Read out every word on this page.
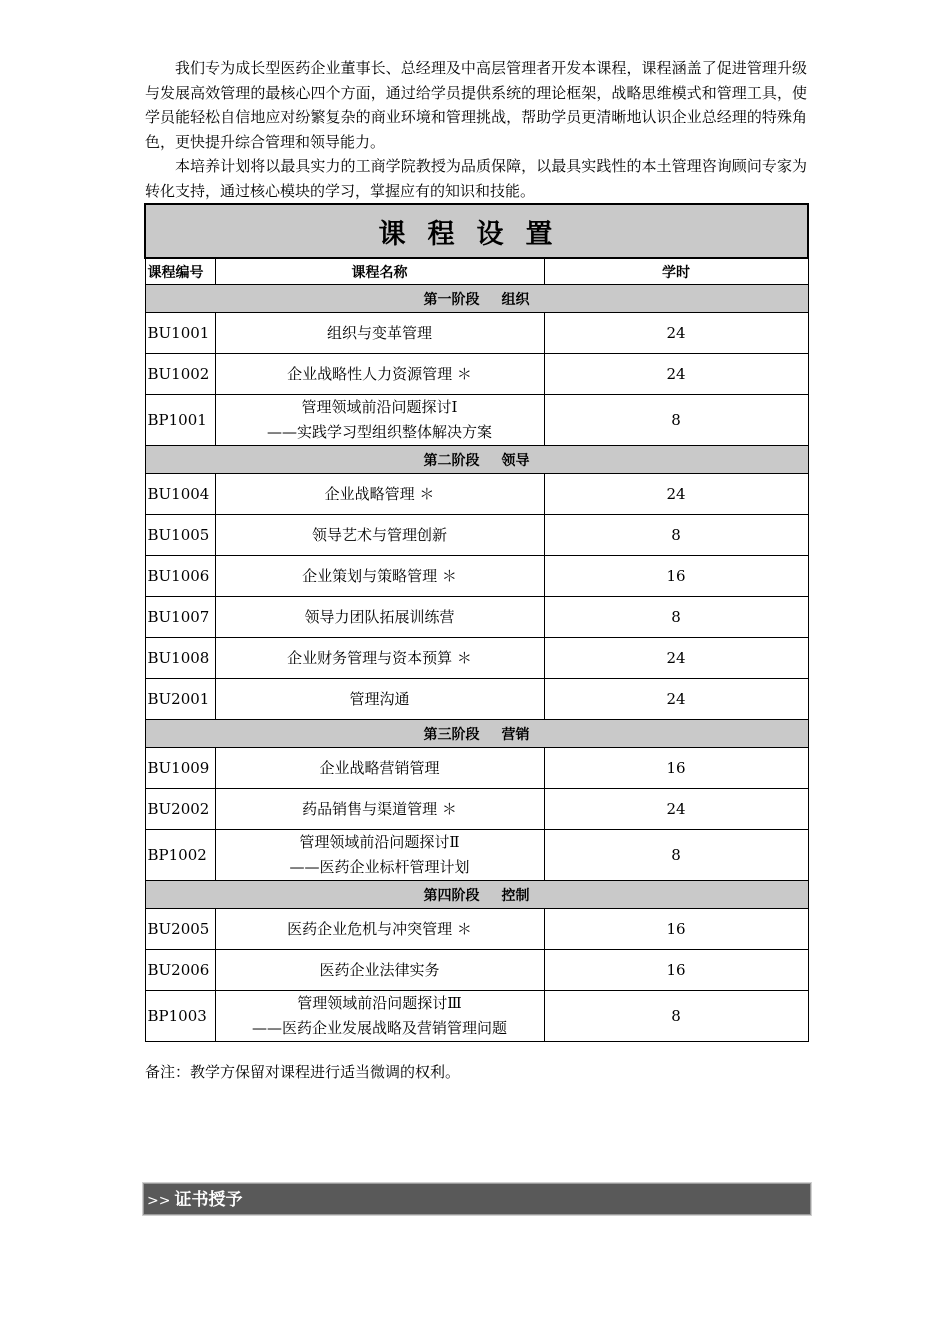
我们专为成长型医药企业董事长、总经理及中高层管理者开发本课程，课程涵盖了促进管理升级与发展高效管理的最核心四个方面，通过给学员提供系统的理论框架，战略思维模式和管理工具，使学员能轻松自信地应对纷繁复杂的商业环境和管理挑战，帮助学员更清晰地认识企业总经理的特殊角色，更快提升综合管理和领导能力。

本培养计划将以最具实力的工商学院教授为品质保障，以最具实践性的本土管理咨询顾问专家为转化支持，通过核心模块的学习，掌握应有的知识和技能。

课程设置		
课程编号	课程名称	学时
第一阶段 组织		
BU1001	组织与变革管理	24
BU1002	企业战略性人力资源管理 ＊	24
BP1001	管理领域前沿问题探讨Ⅰ
——实践学习型组织整体解决方案	8
第二阶段 领导		
BU1004	企业战略管理 ＊	24
BU1005	领导艺术与管理创新	8
BU1006	企业策划与策略管理 ＊	16
BU1007	领导力团队拓展训练营	8
BU1008	企业财务管理与资本预算 ＊	24
BU2001	管理沟通	24
第三阶段 营销		
BU1009	企业战略营销管理	16
BU2002	药品销售与渠道管理 ＊	24
BP1002	管理领域前沿问题探讨Ⅱ
——医药企业标杆管理计划	8
第四阶段 控制		
BU2005	医药企业危机与冲突管理 ＊	16
BU2006	医药企业法律实务	16
BP1003	管理领域前沿问题探讨Ⅲ
——医药企业发展战略及营销管理问题	8
备注：教学方保留对课程进行适当微调的权利。
>> 证书授予
